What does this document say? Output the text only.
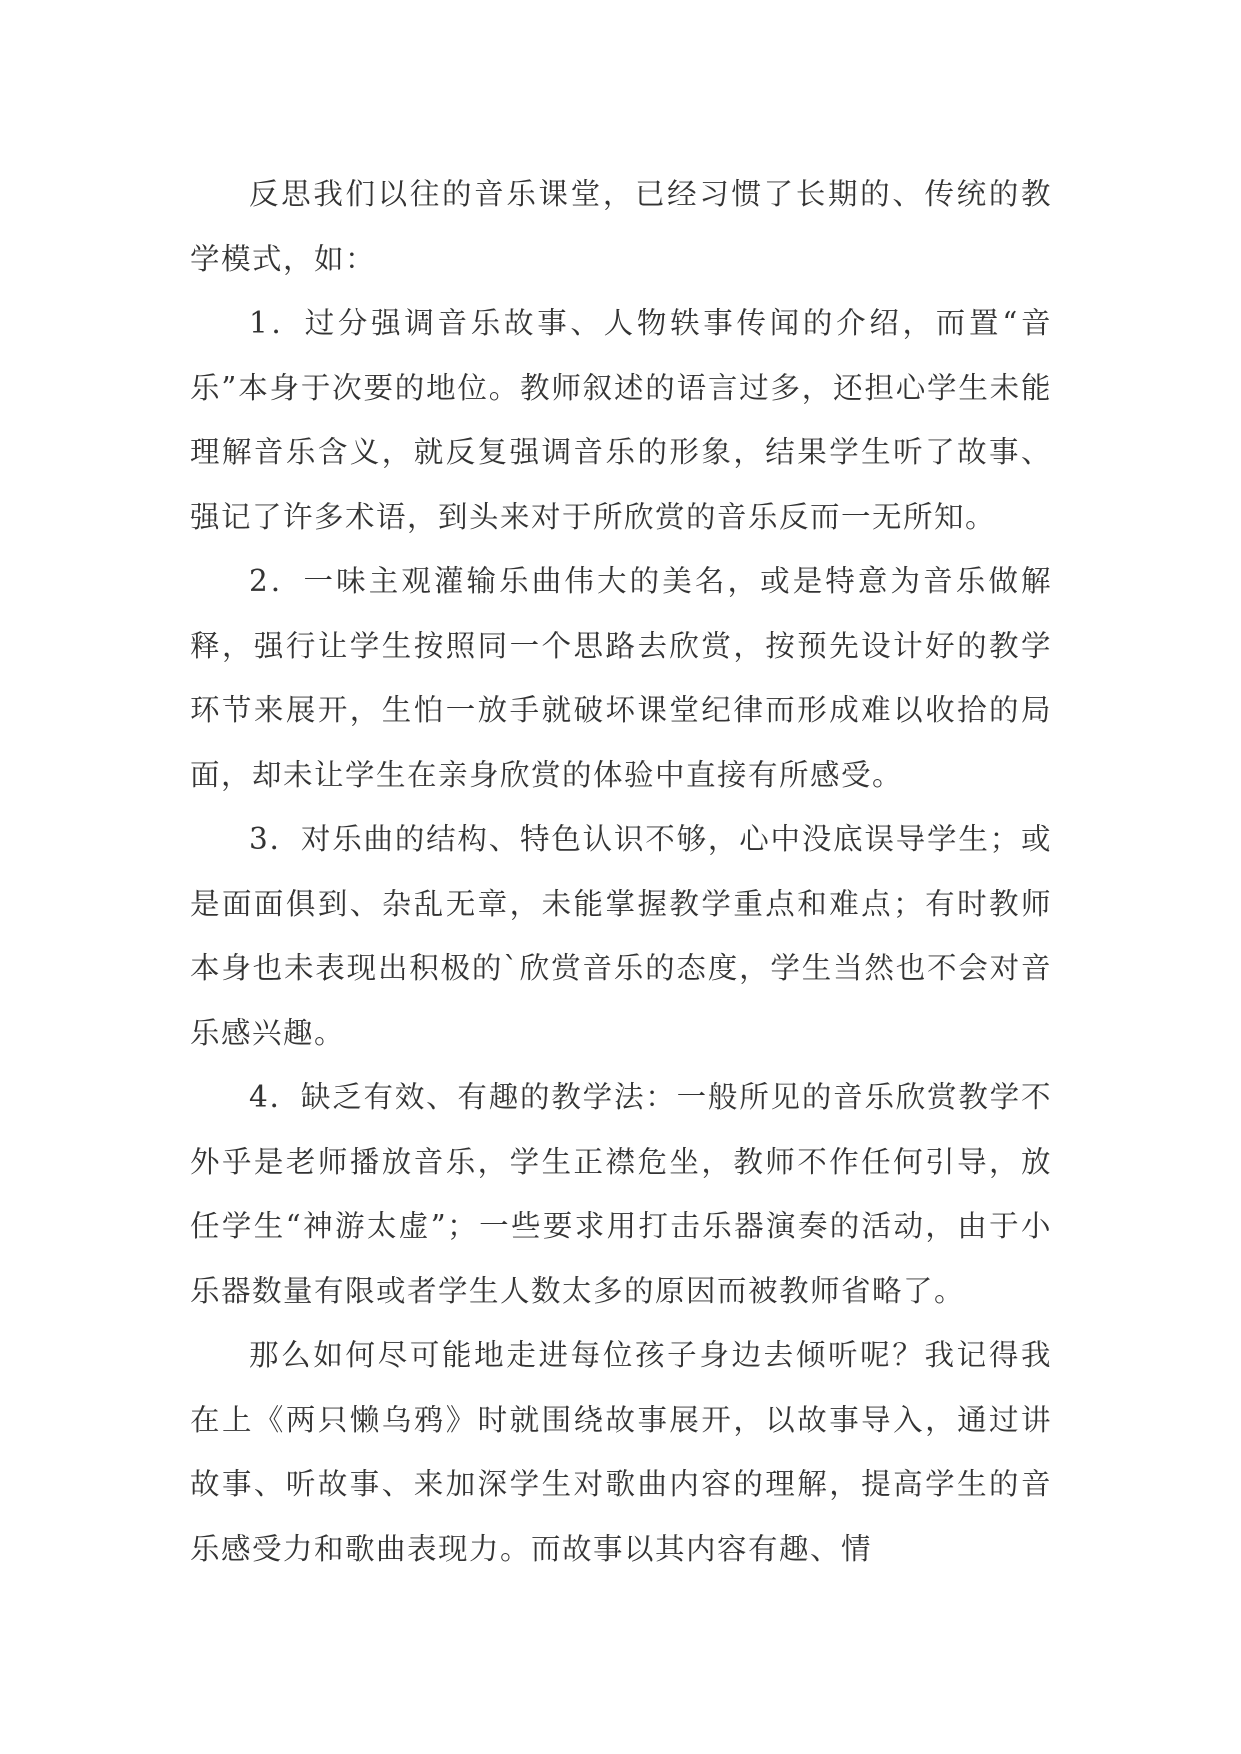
反思我们以往的音乐课堂，已经习惯了长期的、传统的教学模式，如：

1．过分强调音乐故事、人物轶事传闻的介绍，而置“音乐”本身于次要的地位。教师叙述的语言过多，还担心学生未能理解音乐含义，就反复强调音乐的形象，结果学生听了故事、强记了许多术语，到头来对于所欣赏的音乐反而一无所知。

2．一味主观灌输乐曲伟大的美名，或是特意为音乐做解释，强行让学生按照同一个思路去欣赏，按预先设计好的教学环节来展开，生怕一放手就破坏课堂纪律而形成难以收拾的局面，却未让学生在亲身欣赏的体验中直接有所感受。

3．对乐曲的结构、特色认识不够，心中没底误导学生；或是面面俱到、杂乱无章，未能掌握教学重点和难点；有时教师本身也未表现出积极的`欣赏音乐的态度，学生当然也不会对音乐感兴趣。

4．缺乏有效、有趣的教学法：一般所见的音乐欣赏教学不外乎是老师播放音乐，学生正襟危坐，教师不作任何引导，放任学生“神游太虚”；一些要求用打击乐器演奏的活动，由于小乐器数量有限或者学生人数太多的原因而被教师省略了。

那么如何尽可能地走进每位孩子身边去倾听呢？我记得我在上《两只懒乌鸦》时就围绕故事展开，以故事导入，通过讲故事、听故事、来加深学生对歌曲内容的理解，提高学生的音乐感受力和歌曲表现力。而故事以其内容有趣、情
